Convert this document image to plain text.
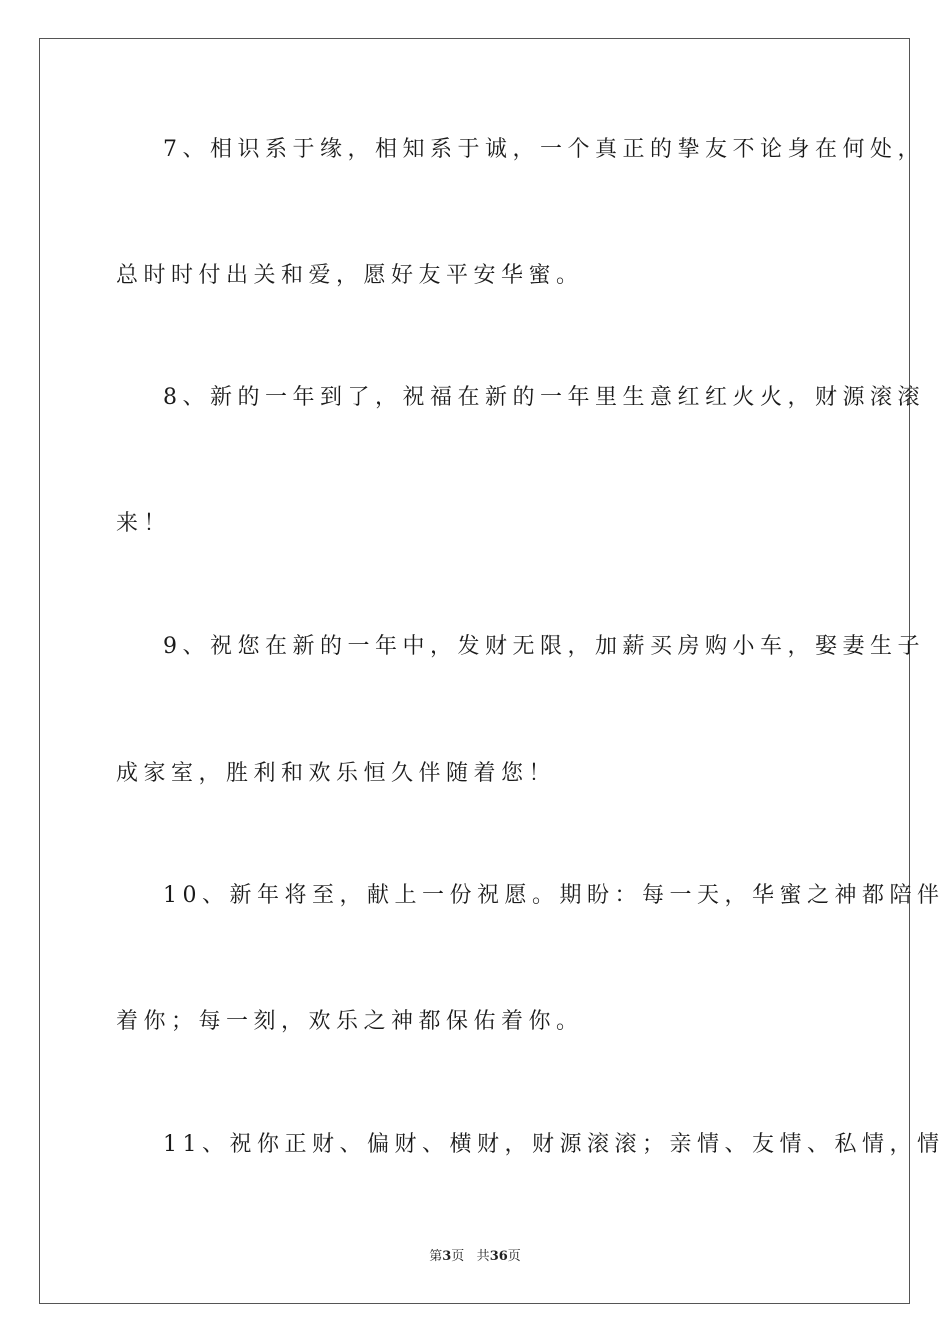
7、相识系于缘，相知系于诚，一个真正的挚友不论身在何处，
总时时付出关和爱，愿好友平安华蜜。
8、新的一年到了，祝福在新的一年里生意红红火火，财源滚滚
来！
9、祝您在新的一年中，发财无限，加薪买房购小车，娶妻生子
成家室，胜利和欢乐恒久伴随着您！
10、新年将至，献上一份祝愿。期盼：每一天，华蜜之神都陪伴
着你；每一刻，欢乐之神都保佑着你。
11、祝你正财、偏财、横财，财源滚滚；亲情、友情、私情，情
第3页 共36页
